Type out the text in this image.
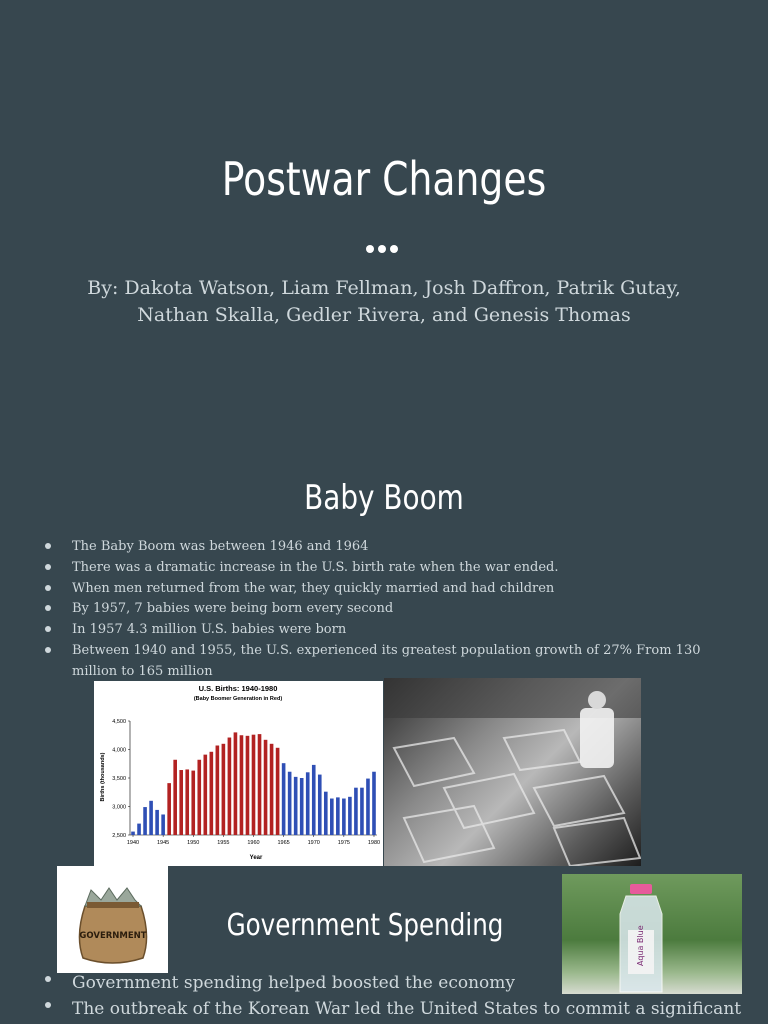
Postwar Changes
By: Dakota Watson, Liam Fellman, Josh Daffron, Patrik Gutay, Nathan Skalla, Gedler Rivera, and Genesis Thomas
Baby Boom
The Baby Boom was between 1946 and 1964
There was a dramatic increase in the U.S. birth rate when the war ended.
When men returned from the war, they quickly married and had children
By 1957, 7 babies were being born every second
In 1957 4.3 million U.S. babies were born
Between 1940 and 1955, the U.S. experienced its greatest population growth of 27% From 130 million to 165 million
U.S. Births: 1940-1980
(Baby Boomer Generation in Red)
Births (thousands)
Year
2,500
3,000
3,500
4,000
4,500
1940	1945	1950	1955	1960	1965	1970	1975	1980
GOVERNMENT	Government Spending	Aqua Blue
Government spending helped boosted the economy
The outbreak of the Korean War led the United States to commit a significant
